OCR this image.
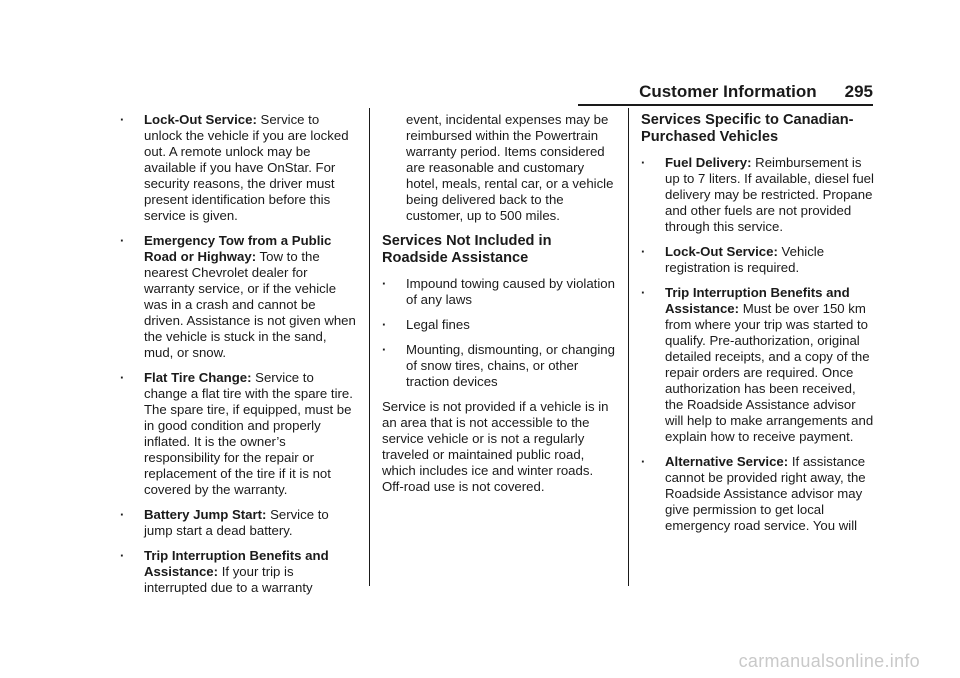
Customer Information 295
· Lock-Out Service: Service to unlock the vehicle if you are locked out. A remote unlock may be available if you have OnStar. For security reasons, the driver must present identification before this service is given.
· Emergency Tow from a Public Road or Highway: Tow to the nearest Chevrolet dealer for warranty service, or if the vehicle was in a crash and cannot be driven. Assistance is not given when the vehicle is stuck in the sand, mud, or snow.
· Flat Tire Change: Service to change a flat tire with the spare tire. The spare tire, if equipped, must be in good condition and properly inflated. It is the owner’s responsibility for the repair or replacement of the tire if it is not covered by the warranty.
· Battery Jump Start: Service to jump start a dead battery.
· Trip Interruption Benefits and Assistance: If your trip is interrupted due to a warranty
event, incidental expenses may be reimbursed within the Powertrain warranty period. Items considered are reasonable and customary hotel, meals, rental car, or a vehicle being delivered back to the customer, up to 500 miles.
Services Not Included in Roadside Assistance
· Impound towing caused by violation of any laws
· Legal fines
· Mounting, dismounting, or changing of snow tires, chains, or other traction devices
Service is not provided if a vehicle is in an area that is not accessible to the service vehicle or is not a regularly traveled or maintained public road, which includes ice and winter roads. Off-road use is not covered.
Services Specific to Canadian-Purchased Vehicles
· Fuel Delivery: Reimbursement is up to 7 liters. If available, diesel fuel delivery may be restricted. Propane and other fuels are not provided through this service.
· Lock-Out Service: Vehicle registration is required.
· Trip Interruption Benefits and Assistance: Must be over 150 km from where your trip was started to qualify. Pre-authorization, original detailed receipts, and a copy of the repair orders are required. Once authorization has been received, the Roadside Assistance advisor will help to make arrangements and explain how to receive payment.
· Alternative Service: If assistance cannot be provided right away, the Roadside Assistance advisor may give permission to get local emergency road service. You will
carmanualsonline.info
